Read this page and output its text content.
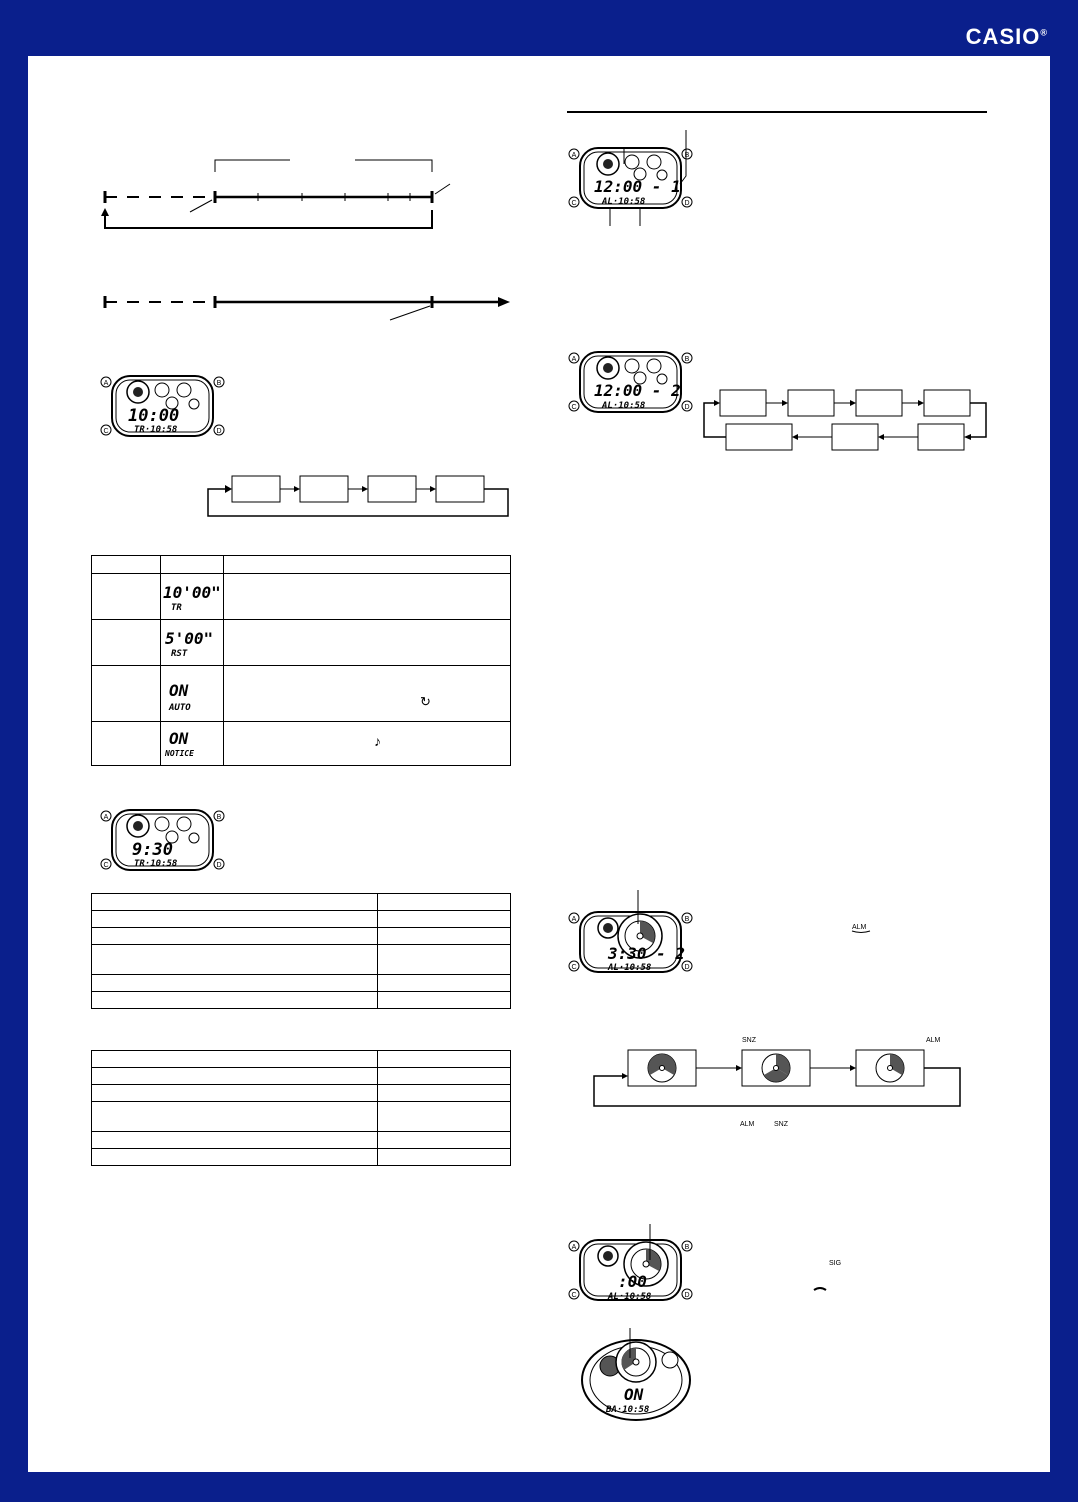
CASIO®
A	B
C	D
10:00
TR·10:58

10'00"
TR	

5'00"
RST	

ON
AUTO	↻

ON
NOTICE	♪
A	B
C	D
9:30
TR·10:58

A	B
C	D
12:00 - 1
AL·10:58
A	B
C	D
12:00 - 2
AL·10:58
A	B
C	D
3:30 - 2
AL·10:58
ALM
SNZ	ALM
ALM	SNZ
A	B
C	D
:00
AL·10:58
SIG
ON
BA·10:58
